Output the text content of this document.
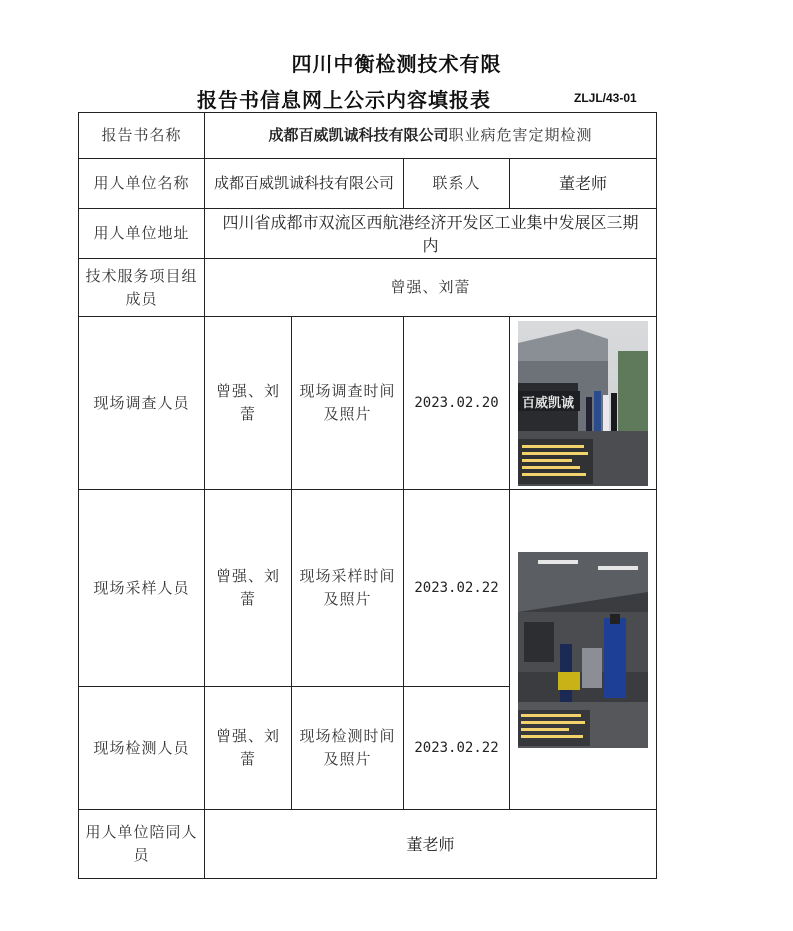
四川中衡检测技术有限
报告书信息网上公示内容填报表	ZLJL/43-01
报告书名称	成都百威凯诚科技有限公司职业病危害定期检测			
用人单位名称	成都百威凯诚科技有限公司		联系人	董老师
用人单位地址	四川省成都市双流区西航港经济开发区工业集中发展区三期内			
技术服务项目组成员	曾强、刘蕾			
现场调查人员	曾强、刘蕾	现场调查时间及照片	2023.02.20	百威凯诚

现场采样人员	曾强、刘蕾	现场采样时间及照片	2023.02.22	

现场检测人员	曾强、刘蕾	现场检测时间及照片	2023.02.22	
用人单位陪同人员	董老师			
